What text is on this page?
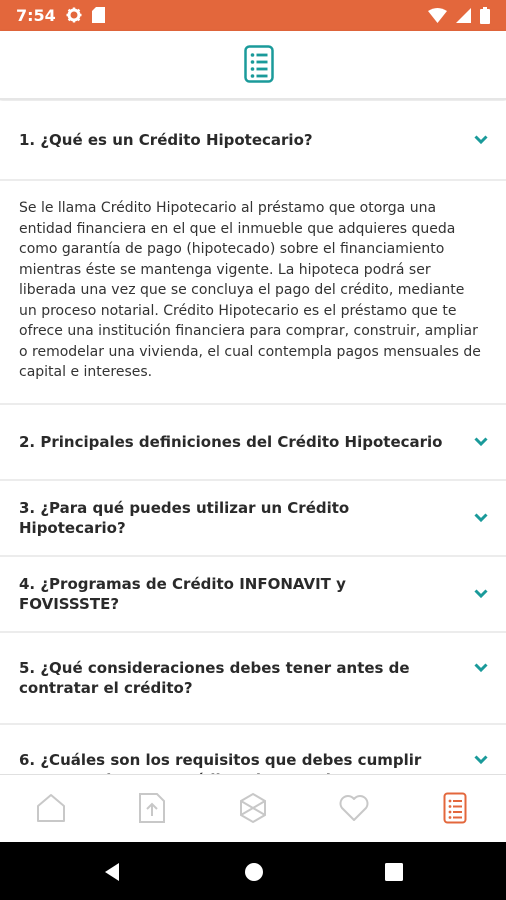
7:54
1. ¿Qué es un Crédito Hipotecario?
Se le llama Crédito Hipotecario al préstamo que otorga una entidad financiera en el que el inmueble que adquieres queda como garantía de pago (hipotecado) sobre el financiamiento mientras éste se mantenga vigente. La hipoteca podrá ser liberada una vez que se concluya el pago del crédito, mediante un proceso notarial. Crédito Hipotecario es el préstamo que te ofrece una institución financiera para comprar, construir, ampliar o remodelar una vivienda, el cual contempla pagos mensuales de capital e intereses.
2. Principales definiciones del Crédito Hipotecario
3. ¿Para qué puedes utilizar un Crédito Hipotecario?
4. ¿Programas de Crédito INFONAVIT y FOVISSSTE?
5. ¿Qué consideraciones debes tener antes de contratar el crédito?
6. ¿Cuáles son los requisitos que debes cumplir
